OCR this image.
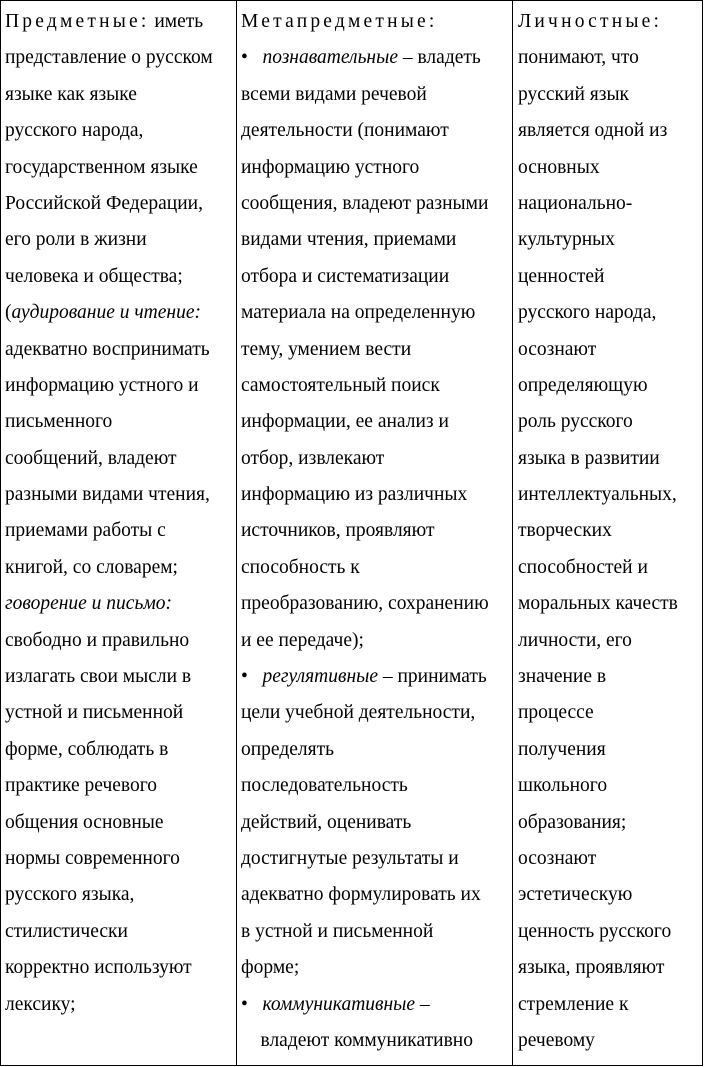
Предметные: иметь
представление о русском
языке как языке
русского народа,
государственном языке
Российской Федерации,
его роли в жизни
человека и общества;
(аудирование и чтение:
адекватно воспринимать
информацию устного и
письменного
сообщений, владеют
разными видами чтения,
приемами работы с
книгой, со словарем;
говорение и письмо:
свободно и правильно
излагать свои мысли в
устной и письменной
форме, соблюдать в
практике речевого
общения основные
нормы современного
русского языка,
стилистически
корректно используют
лексику;
Метапредметные:
• познавательные – владеть
всеми видами речевой
деятельности (понимают
информацию устного
сообщения, владеют разными
видами чтения, приемами
отбора и систематизации
материала на определенную
тему, умением вести
самостоятельный поиск
информации, ее анализ и
отбор, извлекают
информацию из различных
источников, проявляют
способность к
преобразованию, сохранению
и ее передаче);
• регулятивные – принимать
цели учебной деятельности,
определять
последовательность
действий, оценивать
достигнутые результаты и
адекватно формулировать их
в устной и письменной
форме;
• коммуникативные –
владеют коммуникативно
Личностные:
понимают, что
русский язык
является одной из
основных
национально-
культурных
ценностей
русского народа,
осознают
определяющую
роль русского
языка в развитии
интеллектуальных,
творческих
способностей и
моральных качеств
личности, его
значение в
процессе
получения
школьного
образования;
осознают
эстетическую
ценность русского
языка, проявляют
стремление к
речевому
